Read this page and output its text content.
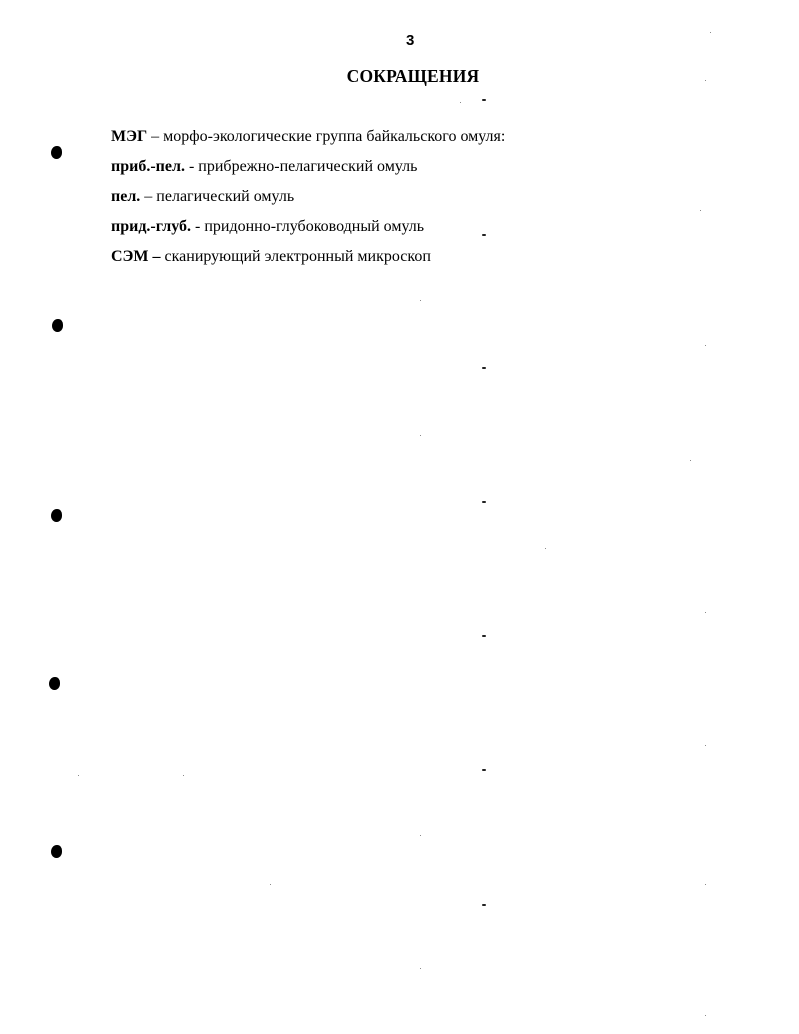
3
СОКРАЩЕНИЯ
МЭГ – морфо-экологические группа байкальского омуля:
приб.-пел. - прибрежно-пелагический омуль
пел. – пелагический омуль
прид.-глуб. - придонно-глубоководный омуль
СЭМ – сканирующий электронный микроскоп
